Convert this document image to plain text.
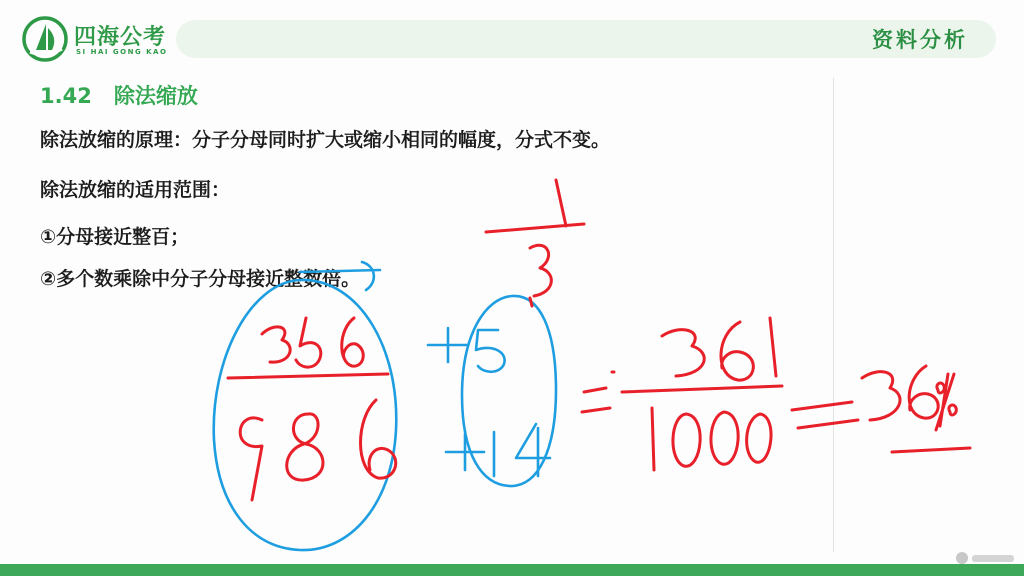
四海公考
SI HAI GONG KAO	资料分析
1.42 除法缩放
除法放缩的原理：分子分母同时扩大或缩小相同的幅度，分式不变。
除法放缩的适用范围：
①分母接近整百；
②多个数乘除中分子分母接近整数倍。
